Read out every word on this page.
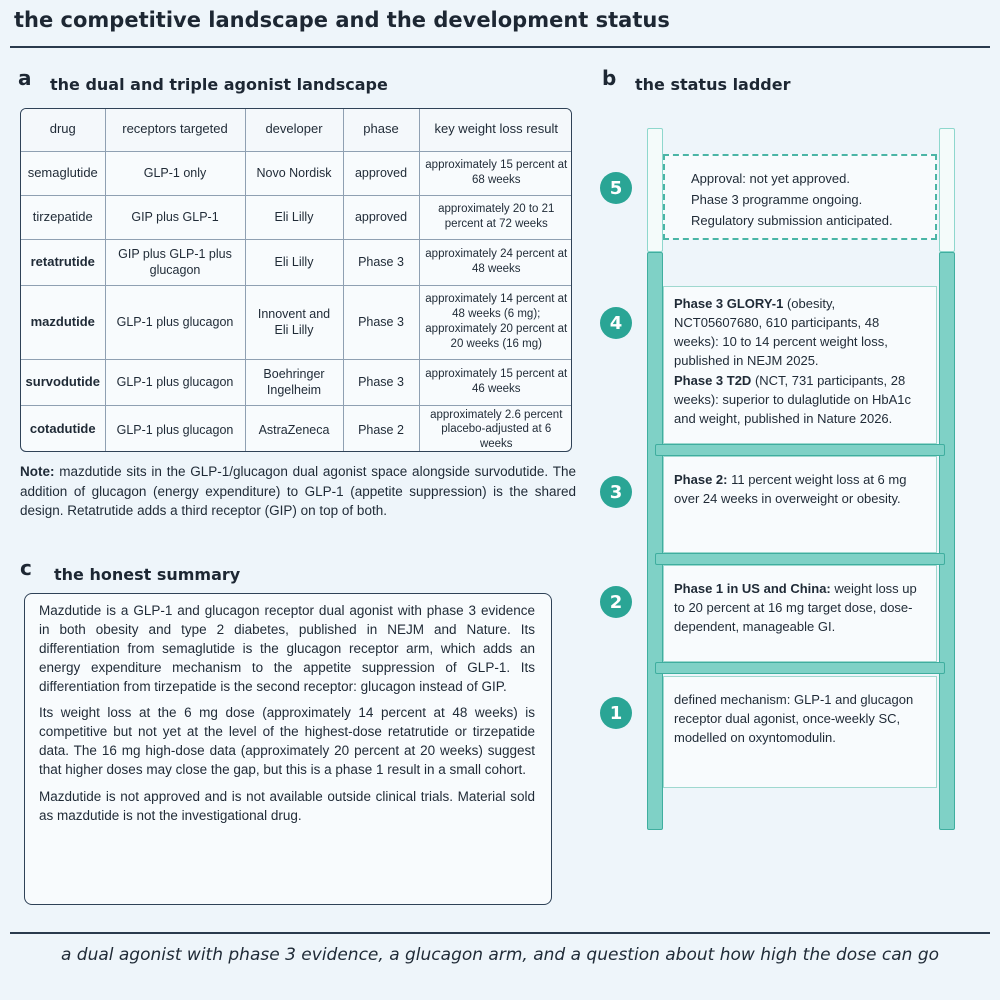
the competitive landscape and the development status
a the dual and triple agonist landscape
drug	receptors targeted	developer	phase	key weight loss result
semaglutide	GLP-1 only	Novo Nordisk	approved	approximately 15 percent at 68 weeks
tirzepatide	GIP plus GLP-1	Eli Lilly	approved	approximately 20 to 21 percent at 72 weeks
retatrutide	GIP plus GLP-1 plus glucagon	Eli Lilly	Phase 3	approximately 24 percent at 48 weeks
mazdutide	GLP-1 plus glucagon	Innovent and Eli Lilly	Phase 3	approximately 14 percent at 48 weeks (6 mg); approximately 20 percent at 20 weeks (16 mg)
survodutide	GLP-1 plus glucagon	Boehringer Ingelheim	Phase 3	approximately 15 percent at 46 weeks
cotadutide	GLP-1 plus glucagon	AstraZeneca	Phase 2	approximately 2.6 percent placebo-adjusted at 6 weeks
Note: mazdutide sits in the GLP-1/glucagon dual agonist space alongside survodutide. The addition of glucagon (energy expenditure) to GLP-1 (appetite suppression) is the shared design. Retatrutide adds a third receptor (GIP) on top of both.
c the honest summary

Mazdutide is a GLP-1 and glucagon receptor dual agonist with phase 3 evidence in both obesity and type 2 diabetes, published in NEJM and Nature. Its differentiation from semaglutide is the glucagon receptor arm, which adds an energy expenditure mechanism to the appetite suppression of GLP-1. Its differentiation from tirzepatide is the second receptor: glucagon instead of GIP.

Its weight loss at the 6 mg dose (approximately 14 percent at 48 weeks) is competitive but not yet at the level of the highest-dose retatrutide or tirzepatide data. The 16 mg high-dose data (approximately 20 percent at 20 weeks) suggest that higher doses may close the gap, but this is a phase 1 result in a small cohort.

Mazdutide is not approved and is not available outside clinical trials. Material sold as mazdutide is not the investigational drug.

b the status ladder
5	Approval: not yet approved.

Phase 3 programme ongoing.

Regulatory submission anticipated.

4

Phase 3 GLORY-1 (obesity, NCT05607680, 610 participants, 48 weeks): 10 to 14 percent weight loss, published in NEJM 2025.

Phase 3 T2D (NCT, 731 participants, 28 weeks): superior to dulaglutide on HbA1c and weight, published in Nature 2026.

3

Phase 2: 11 percent weight loss at 6 mg over 24 weeks in overweight or obesity.

2

Phase 1 in US and China: weight loss up to 20 percent at 16 mg target dose, dose-dependent, manageable GI.

1

defined mechanism: GLP-1 and glucagon receptor dual agonist, once-weekly SC, modelled on oxyntomodulin.

a dual agonist with phase 3 evidence, a glucagon arm, and a question about how high the dose can go
